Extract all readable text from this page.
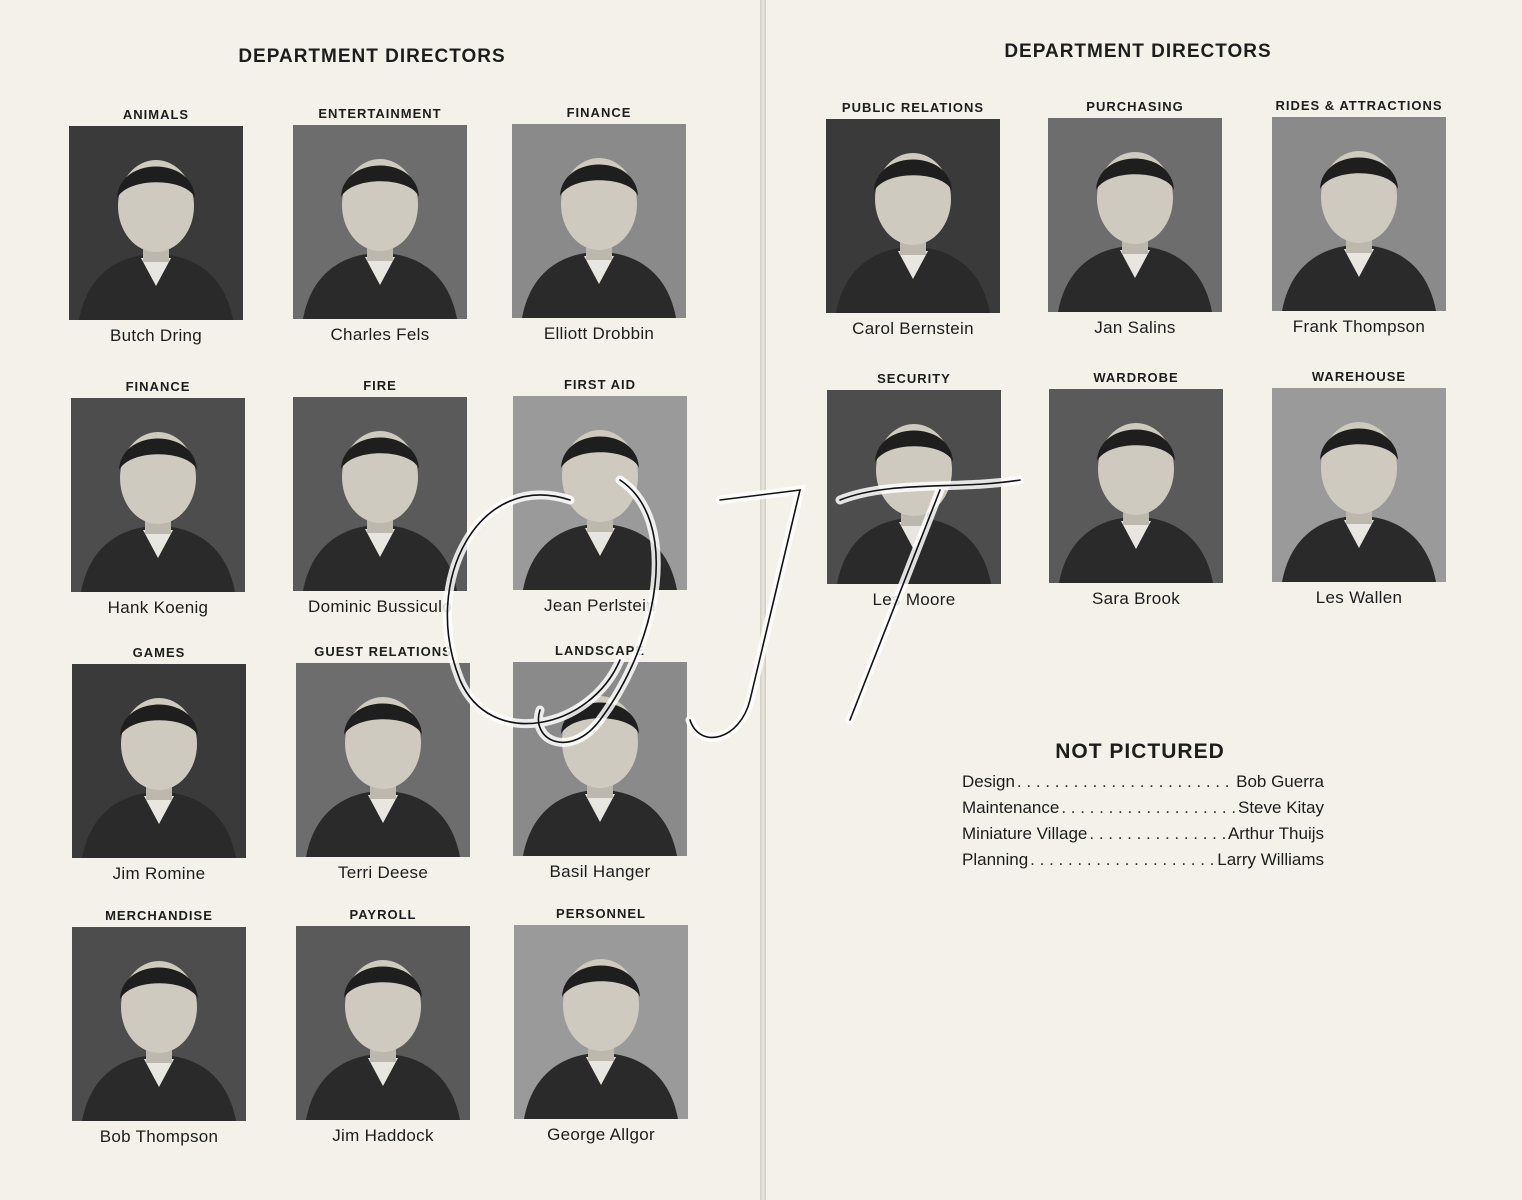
DEPARTMENT DIRECTORS
ANIMALS
Butch Dring
ENTERTAINMENT
Charles Fels
FINANCE
Elliott Drobbin
FINANCE
Hank Koenig
FIRE
Dominic Bussiculo
FIRST AID
Jean Perlstein
GAMES
Jim Romine
GUEST RELATIONS
Terri Deese
LANDSCAPE
Basil Hanger
MERCHANDISE
Bob Thompson
PAYROLL
Jim Haddock
PERSONNEL
George Allgor
DEPARTMENT DIRECTORS
PUBLIC RELATIONS
Carol Bernstein
PURCHASING
Jan Salins
RIDES & ATTRACTIONS
Frank Thompson
SECURITY
Les Moore
WARDROBE
Sara Brook
WAREHOUSE
Les Wallen
NOT PICTURED
Design . . .	Bob Guerra
Maintenance . . .	Steve Kitay
Miniature Village . . .	Arthur Thuijs
Planning . . .	Larry Williams
